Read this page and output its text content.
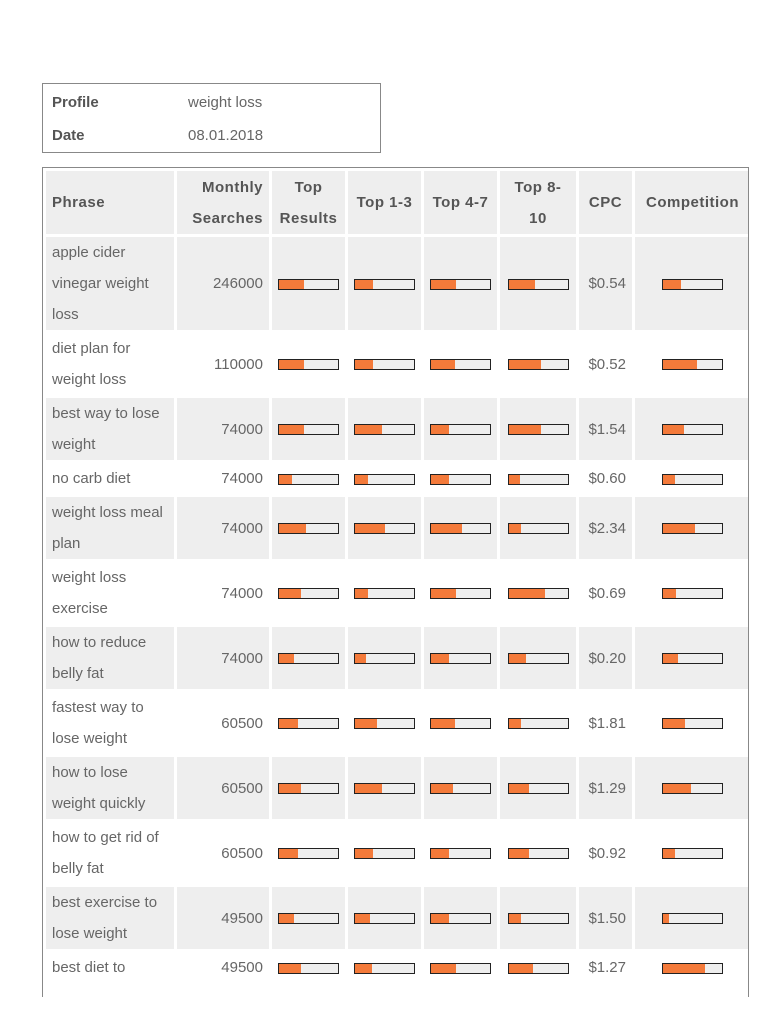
Profile	weight loss
Date	08.01.2018
Phrase	Monthly Searches	Top Results	Top 1-3	Top 4-7	Top 8-10	CPC	Competition
apple cider vinegar weight loss	246000					$0.54	

diet plan for weight loss	110000					$0.52	

best way to lose weight	74000					$1.54	

no carb diet	74000					$0.60	

weight loss meal plan	74000					$2.34	

weight loss exercise	74000					$0.69	

how to reduce belly fat	74000					$0.20	

fastest way to lose weight	60500					$1.81	

how to lose weight quickly	60500					$1.29	

how to get rid of belly fat	60500					$0.92	

best exercise to lose weight	49500					$1.50	

best diet to	49500					$1.27	
